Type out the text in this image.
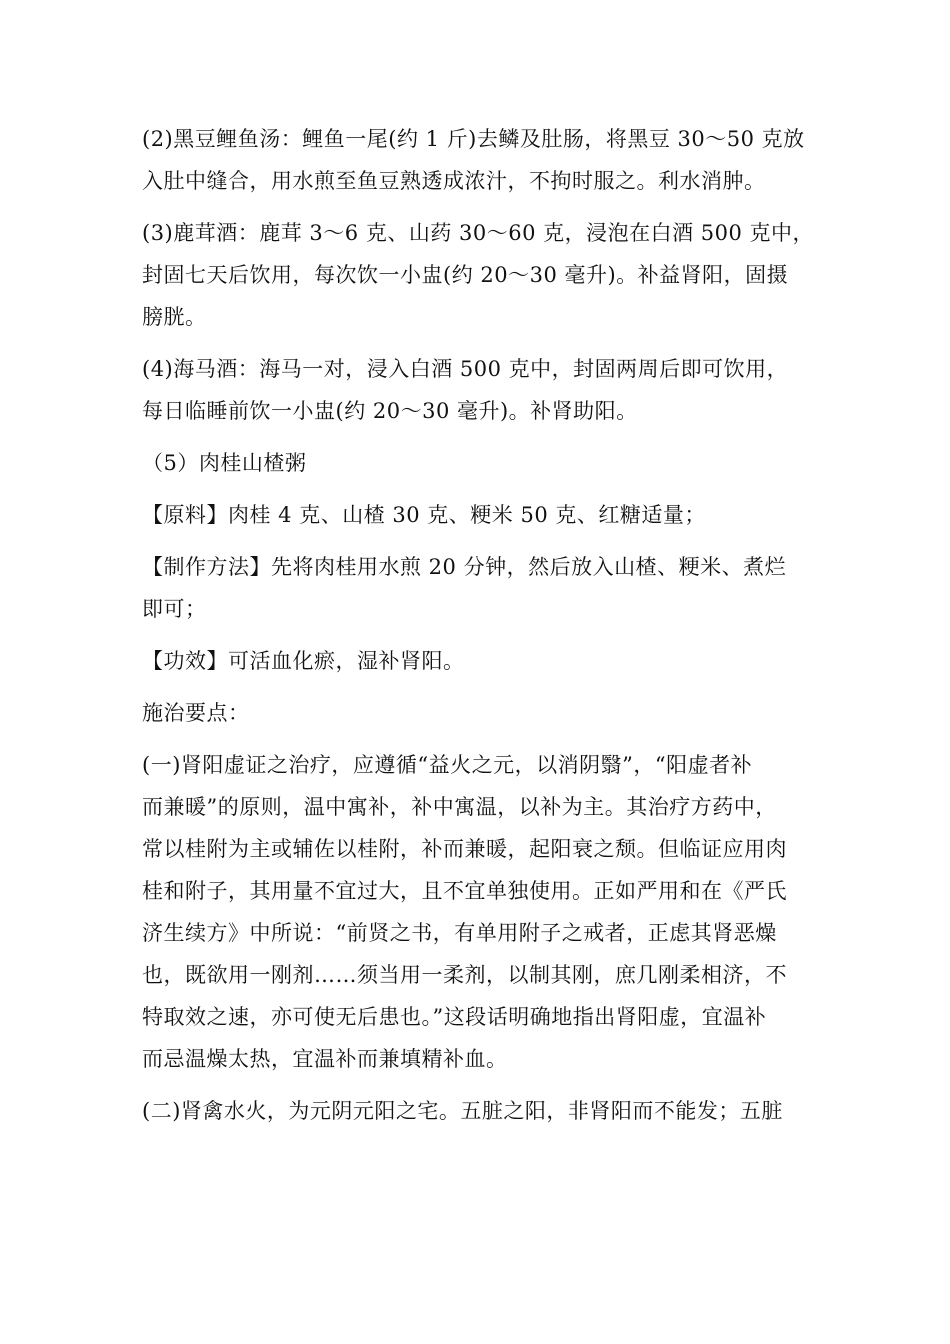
(2)黑豆鲤鱼汤：鲤鱼一尾(约 1 斤)去鳞及肚肠，将黑豆 30～50 克放
入肚中缝合，用水煎至鱼豆熟透成浓汁，不拘时服之。利水消肿。
(3)鹿茸酒：鹿茸 3～6 克、山药 30～60 克，浸泡在白酒 500 克中，
封固七天后饮用，每次饮一小盅(约 20～30 毫升)。补益肾阳，固摄
膀胱。
(4)海马酒：海马一对，浸入白酒 500 克中，封固两周后即可饮用，
每日临睡前饮一小盅(约 20～30 毫升)。补肾助阳。
（5）肉桂山楂粥
【原料】肉桂 4 克、山楂 30 克、粳米 50 克、红糖适量；
【制作方法】先将肉桂用水煎 20 分钟，然后放入山楂、粳米、煮烂
即可；
【功效】可活血化瘀，湿补肾阳。
施治要点：
(一)肾阳虚证之治疗，应遵循“益火之元，以消阴翳”，“阳虚者补
而兼暖”的原则，温中寓补，补中寓温，以补为主。其治疗方药中，
常以桂附为主或辅佐以桂附，补而兼暖，起阳衰之颓。但临证应用肉
桂和附子，其用量不宜过大，且不宜单独使用。正如严用和在《严氏
济生续方》中所说：“前贤之书，有单用附子之戒者，正虑其肾恶燥
也，既欲用一刚剂……须当用一柔剂，以制其刚，庶几刚柔相济，不
特取效之速，亦可使无后患也。”这段话明确地指出肾阳虚，宜温补
而忌温燥太热，宜温补而兼填精补血。
(二)肾禽水火，为元阴元阳之宅。五脏之阳，非肾阳而不能发；五脏
